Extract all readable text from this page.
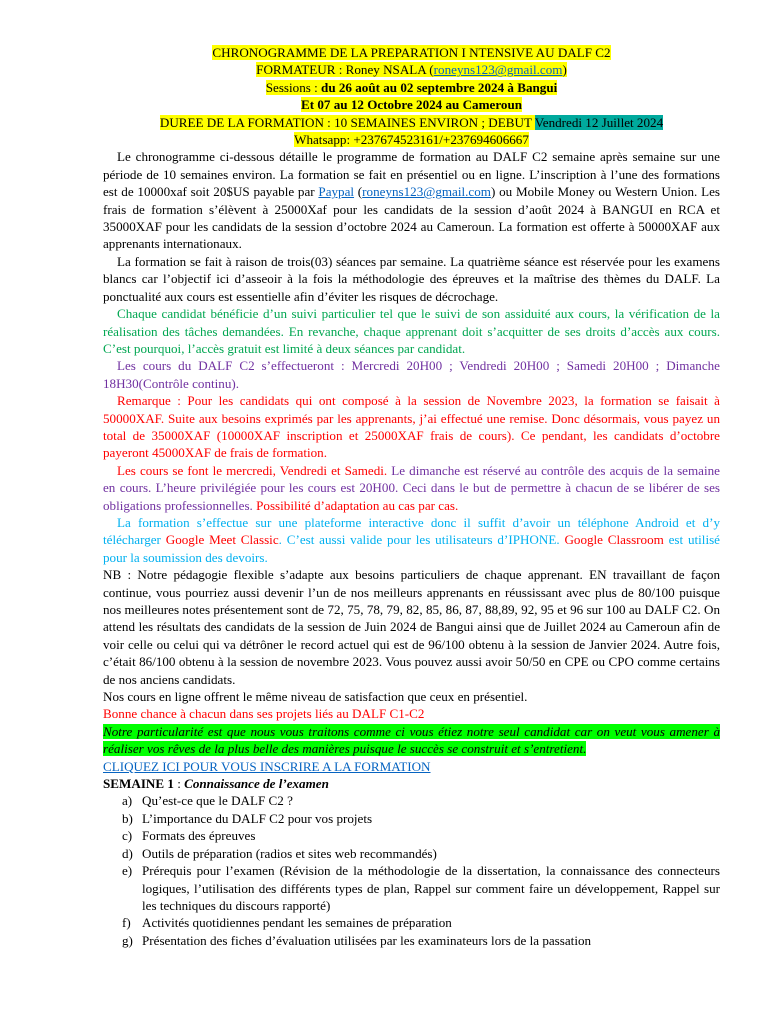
CHRONOGRAMME DE LA PREPARATION I NTENSIVE AU DALF C2
FORMATEUR : Roney NSALA (roneyns123@gmail.com)
Sessions : du 26 août au 02 septembre 2024 à Bangui
Et 07 au 12 Octobre 2024 au Cameroun
DUREE DE LA FORMATION : 10 SEMAINES ENVIRON ; DEBUT Vendredi 12 Juillet 2024
Whatsapp: +237674523161/+237694606667

Le chronogramme ci-dessous détaille le programme de formation au DALF C2 semaine après semaine sur une période de 10 semaines environ. La formation se fait en présentiel ou en ligne. L’inscription à l’une des formations est de 10000xaf soit 20$US payable par Paypal (roneyns123@gmail.com) ou Mobile Money ou Western Union. Les frais de formation s’élèvent à 25000Xaf pour les candidats de la session d’août 2024 à BANGUI en RCA et 35000XAF pour les candidats de la session d’octobre 2024 au Cameroun. La formation est offerte à 50000XAF aux apprenants internationaux.

La formation se fait à raison de trois(03) séances par semaine. La quatrième séance est réservée pour les examens blancs car l’objectif ici d’asseoir à la fois la méthodologie des épreuves et la maîtrise des thèmes du DALF. La ponctualité aux cours est essentielle afin d’éviter les risques de décrochage.

Chaque candidat bénéficie d’un suivi particulier tel que le suivi de son assiduité aux cours, la vérification de la réalisation des tâches demandées. En revanche, chaque apprenant doit s’acquitter de ses droits d’accès aux cours. C’est pourquoi, l’accès gratuit est limité à deux séances par candidat.

Les cours du DALF C2 s’effectueront : Mercredi 20H00 ; Vendredi 20H00 ; Samedi 20H00 ; Dimanche 18H30(Contrôle continu).

Remarque : Pour les candidats qui ont composé à la session de Novembre 2023, la formation se faisait à 50000XAF. Suite aux besoins exprimés par les apprenants, j’ai effectué une remise. Donc désormais, vous payez un total de 35000XAF (10000XAF inscription et 25000XAF frais de cours). Ce pendant, les candidats d’octobre payeront 45000XAF de frais de formation.

Les cours se font le mercredi, Vendredi et Samedi. Le dimanche est réservé au contrôle des acquis de la semaine en cours. L’heure privilégiée pour les cours est 20H00. Ceci dans le but de permettre à chacun de se libérer de ses obligations professionnelles. Possibilité d’adaptation au cas par cas.

La formation s’effectue sur une plateforme interactive donc il suffit d’avoir un téléphone Android et d’y télécharger Google Meet Classic. C’est aussi valide pour les utilisateurs d’IPHONE. Google Classroom est utilisé pour la soumission des devoirs.

NB : Notre pédagogie flexible s’adapte aux besoins particuliers de chaque apprenant. EN travaillant de façon continue, vous pourriez aussi devenir l’un de nos meilleurs apprenants en réussissant avec plus de 80/100 puisque nos meilleures notes présentement sont de 72, 75, 78, 79, 82, 85, 86, 87, 88,89, 92, 95 et 96 sur 100 au DALF C2. On attend les résultats des candidats de la session de Juin 2024 de Bangui ainsi que de Juillet 2024 au Cameroun afin de voir celle ou celui qui va détrôner le record actuel qui est de 96/100 obtenu à la session de Janvier 2024. Autre fois, c’était 86/100 obtenu à la session de novembre 2023. Vous pouvez aussi avoir 50/50 en CPE ou CPO comme certains de nos anciens candidats.

Nos cours en ligne offrent le même niveau de satisfaction que ceux en présentiel.

Bonne chance à chacun dans ses projets liés au DALF C1-C2

Notre particularité est que nous vous traitons comme ci vous étiez notre seul candidat car on veut vous amener à réaliser vos rêves de la plus belle des manières puisque le succès se construit et s’entretient.

CLIQUEZ ICI POUR VOUS INSCRIRE A LA FORMATION

SEMAINE 1 : Connaissance de l’examen
a) Qu’est-ce que le DALF C2 ?
b) L’importance du DALF C2 pour vos projets
c) Formats des épreuves
d) Outils de préparation (radios et sites web recommandés)
e) Prérequis pour l’examen (Révision de la méthodologie de la dissertation, la connaissance des connecteurs logiques, l’utilisation des différents types de plan, Rappel sur comment faire un développement, Rappel sur les techniques du discours rapporté)
f) Activités quotidiennes pendant les semaines de préparation
g) Présentation des fiches d’évaluation utilisées par les examinateurs lors de la passation
